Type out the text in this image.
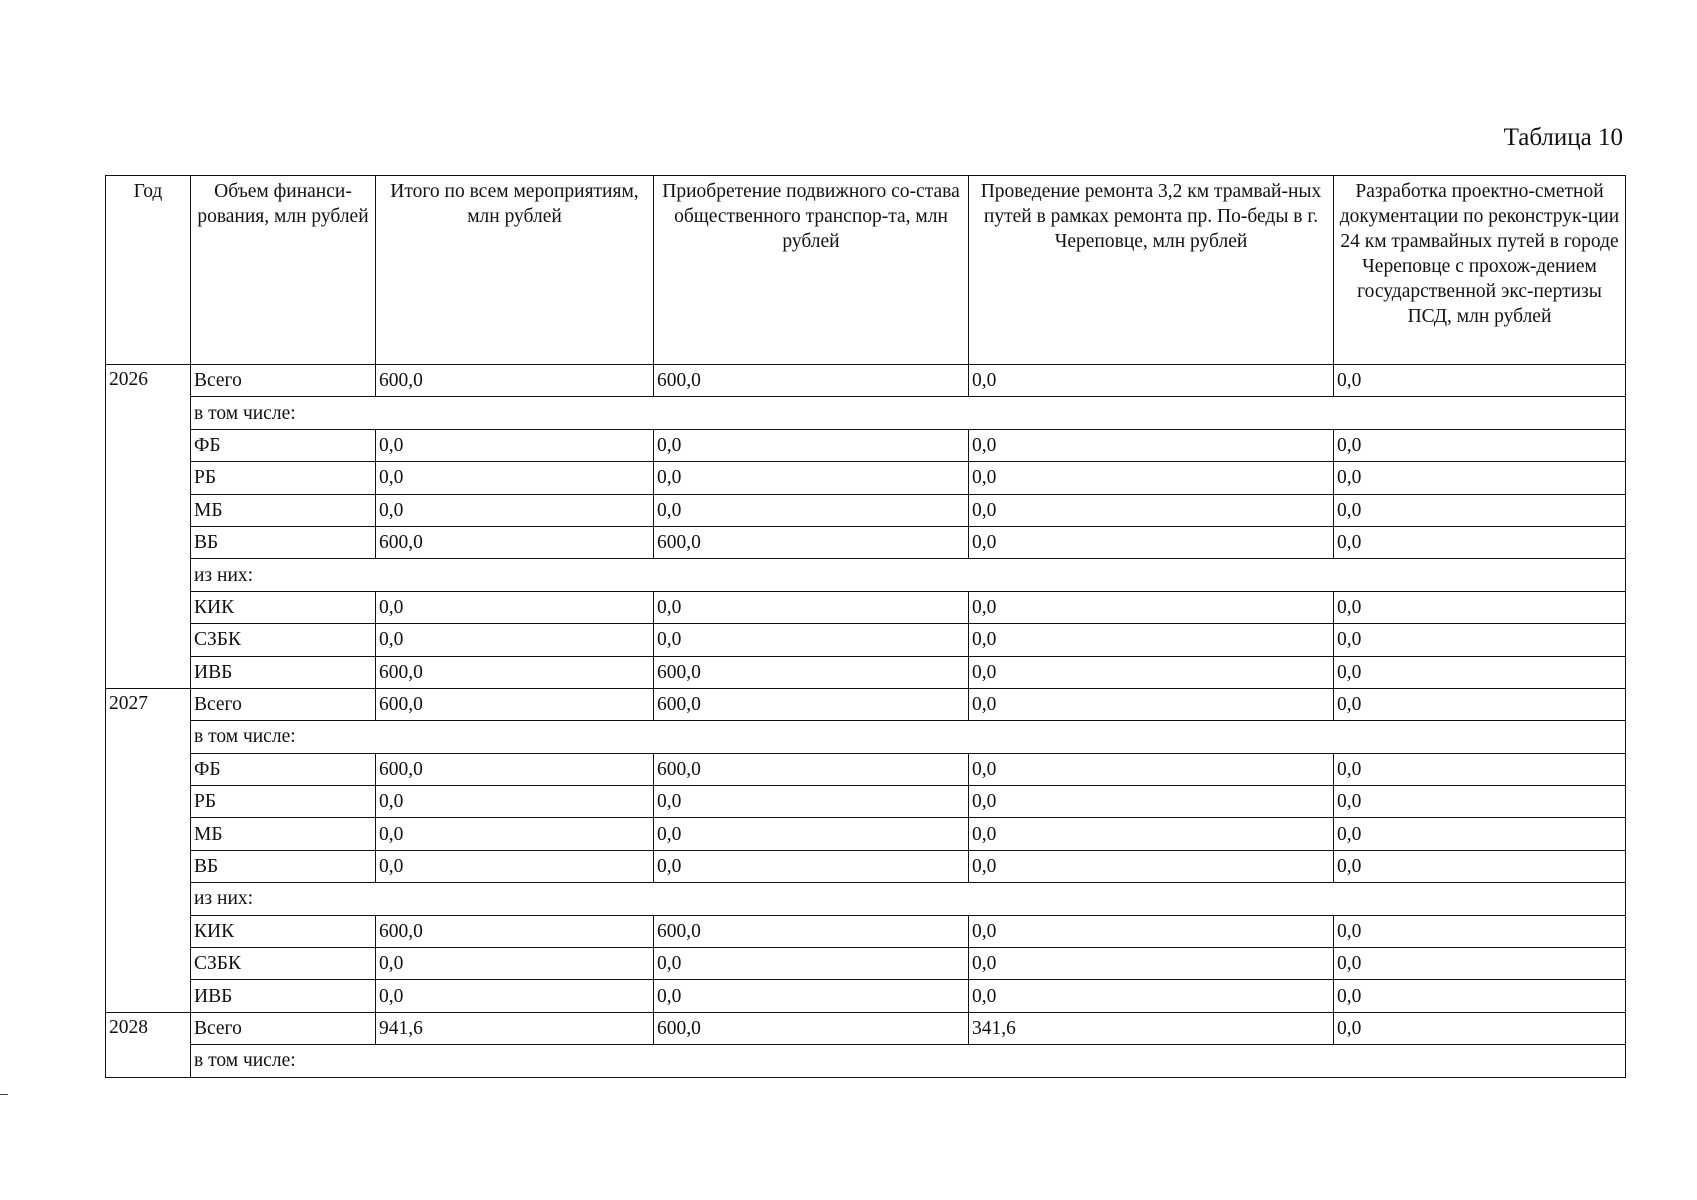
Таблица 10
Год	Объем финанси-рования, млн рублей	Итого по всем мероприятиям, млн рублей	Приобретение подвижного со-става общественного транспор-та, млн рублей	Проведение ремонта 3,2 км трамвай-ных путей в рамках ремонта пр. По-беды в г. Череповце, млн рублей	Разработка проектно-сметной документации по реконструк-ции 24 км трамвайных путей в городе Череповце с прохож-дением государственной экс-пертизы ПСД, млн рублей
2026	Всего	600,0	600,0	0,0	0,0
	в том числе:				
	ФБ	0,0	0,0	0,0	0,0
	РБ	0,0	0,0	0,0	0,0
	МБ	0,0	0,0	0,0	0,0
	ВБ	600,0	600,0	0,0	0,0
	из них:				
	КИК	0,0	0,0	0,0	0,0
	СЗБК	0,0	0,0	0,0	0,0
	ИВБ	600,0	600,0	0,0	0,0
2027	Всего	600,0	600,0	0,0	0,0
	в том числе:				
	ФБ	600,0	600,0	0,0	0,0
	РБ	0,0	0,0	0,0	0,0
	МБ	0,0	0,0	0,0	0,0
	ВБ	0,0	0,0	0,0	0,0
	из них:				
	КИК	600,0	600,0	0,0	0,0
	СЗБК	0,0	0,0	0,0	0,0
	ИВБ	0,0	0,0	0,0	0,0
2028	Всего	941,6	600,0	341,6	0,0
	в том числе:				
